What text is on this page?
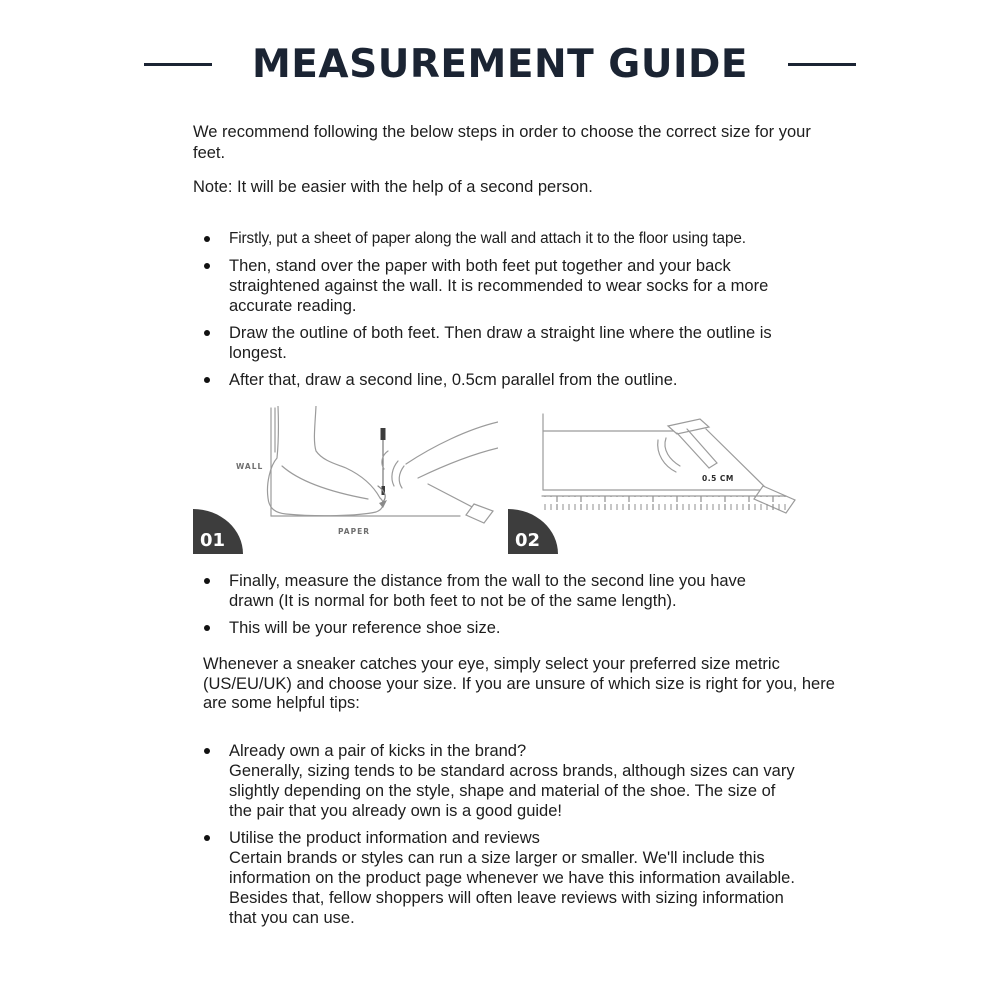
MEASUREMENT GUIDE

We recommend following the below steps in order to choose the correct size for your feet.

Note: It will be easier with the help of a second person.

Firstly, put a sheet of paper along the wall and attach it to the floor using tape.
Then, stand over the paper with both feet put together and your back straightened against the wall. It is recommended to wear socks for a more accurate reading.
Draw the outline of both feet. Then draw a straight line where the outline is longest.
After that, draw a second line, 0.5cm parallel from the outline.
WALL
PAPER
0.5 CM
01	02
Finally, measure the distance from the wall to the second line you have drawn (It is normal for both feet to not be of the same length).
This will be your reference shoe size.

Whenever a sneaker catches your eye, simply select your preferred size metric (US/EU/UK) and choose your size. If you are unsure of which size is right for you, here are some helpful tips:

Already own a pair of kicks in the brand?
Generally, sizing tends to be standard across brands, although sizes can vary slightly depending on the style, shape and material of the shoe. The size of the pair that you already own is a good guide!
Utilise the product information and reviews
Certain brands or styles can run a size larger or smaller. We'll include this information on the product page whenever we have this information available. Besides that, fellow shoppers will often leave reviews with sizing information that you can use.
